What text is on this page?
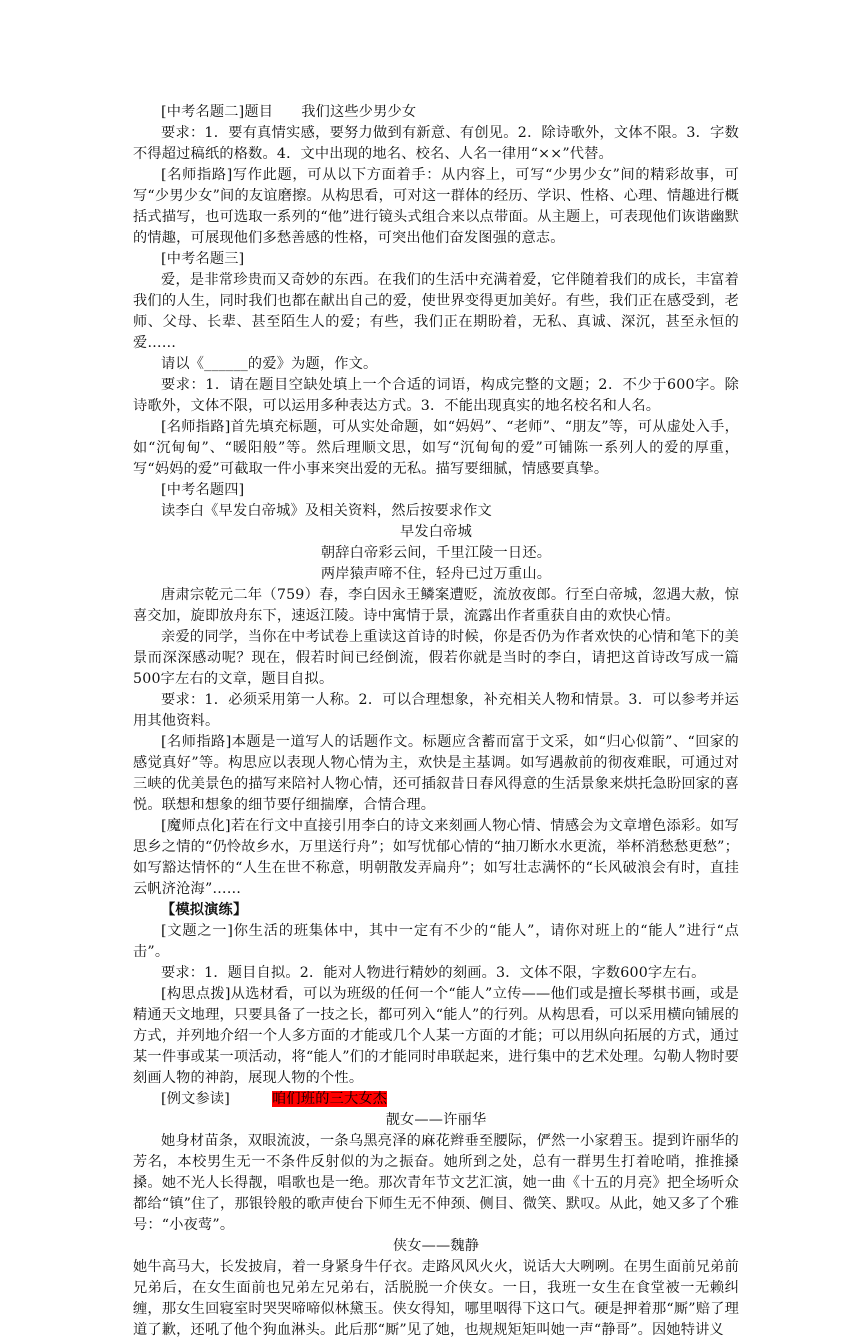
[中考名题二]题目 我们这些少男少女

要求：1．要有真情实感，要努力做到有新意、有创见。2．除诗歌外，文体不限。3．字数不得超过稿纸的格数。4．文中出现的地名、校名、人名一律用“××”代替。

[名师指路]写作此题，可从以下方面着手：从内容上，可写“少男少女”间的精彩故事，可写“少男少女”间的友谊磨擦。从构思看，可对这一群体的经历、学识、性格、心理、情趣进行概括式描写，也可选取一系列的“他”进行镜头式组合来以点带面。从主题上，可表现他们诙谐幽默的情趣，可展现他们多愁善感的性格，可突出他们奋发图强的意志。

[中考名题三]

爱，是非常珍贵而又奇妙的东西。在我们的生活中充满着爱，它伴随着我们的成长，丰富着我们的人生，同时我们也都在献出自己的爱，使世界变得更加美好。有些，我们正在感受到，老师、父母、长辈、甚至陌生人的爱；有些，我们正在期盼着，无私、真诚、深沉，甚至永恒的爱……

请以《______的爱》为题，作文。

要求：1．请在题目空缺处填上一个合适的词语，构成完整的文题；2．不少于600字。除诗歌外，文体不限，可以运用多种表达方式。3．不能出现真实的地名校名和人名。

[名师指路]首先填充标题，可从实处命题，如“妈妈”、“老师”、“朋友”等，可从虚处入手，如“沉甸甸”、“暖阳般”等。然后理顺文思，如写“沉甸甸的爱”可铺陈一系列人的爱的厚重，写“妈妈的爱”可截取一件小事来突出爱的无私。描写要细腻，情感要真挚。

[中考名题四]

读李白《早发白帝城》及相关资料，然后按要求作文

早发白帝城

朝辞白帝彩云间，千里江陵一日还。

两岸猿声啼不住，轻舟已过万重山。

唐肃宗乾元二年（759）春，李白因永王鳞案遭贬，流放夜郎。行至白帝城，忽遇大赦，惊喜交加，旋即放舟东下，速返江陵。诗中寓情于景，流露出作者重获自由的欢快心情。

亲爱的同学，当你在中考试卷上重读这首诗的时候，你是否仍为作者欢快的心情和笔下的美景而深深感动呢？现在，假若时间已经倒流，假若你就是当时的李白，请把这首诗改写成一篇500字左右的文章，题目自拟。

要求：1．必须采用第一人称。2．可以合理想象，补充相关人物和情景。3．可以参考并运用其他资料。

[名师指路]本题是一道写人的话题作文。标题应含蓄而富于文采，如“归心似箭”、“回家的感觉真好”等。构思应以表现人物心情为主，欢快是主基调。如写遇赦前的彻夜难眠，可通过对三峡的优美景色的描写来陪衬人物心情，还可插叙昔日春风得意的生活景象来烘托急盼回家的喜悦。联想和想象的细节要仔细揣摩，合情合理。

[魔师点化]若在行文中直接引用李白的诗文来刻画人物心情、情感会为文章增色添彩。如写思乡之情的“仍怜故乡水，万里送行舟”；如写忧郁心情的“抽刀断水水更流，举杯消愁愁更愁”；如写豁达情怀的“人生在世不称意，明朝散发弄扁舟”；如写壮志满怀的“长风破浪会有时，直挂云帆济沧海”……

【模拟演练】

[文题之一]你生活的班集体中，其中一定有不少的“能人”，请你对班上的“能人”进行“点击”。

要求：1．题目自拟。2．能对人物进行精妙的刻画。3．文体不限，字数600字左右。

[构思点拨]从选材看，可以为班级的任何一个“能人”立传——他们或是擅长琴棋书画，或是精通天文地理，只要具备了一技之长，都可列入“能人”的行列。从构思看，可以采用横向铺展的方式，并列地介绍一个人多方面的才能或几个人某一方面的才能；可以用纵向拓展的方式，通过某一件事或某一项活动，将“能人”们的才能同时串联起来，进行集中的艺术处理。勾勒人物时要刻画人物的神韵，展现人物的个性。

[例文参读]	咱们班的三大女杰

靓女——许丽华

她身材苗条，双眼流波，一条乌黑亮泽的麻花辫垂至腰际，俨然一小家碧玉。提到许丽华的芳名，本校男生无一不条件反射似的为之振奋。她所到之处，总有一群男生打着呛哨，推推搡搡。她不光人长得靓，唱歌也是一绝。那次青年节文艺汇演，她一曲《十五的月亮》把全场听众都给“镇”住了，那银铃般的歌声使台下师生无不伸颈、侧目、微笑、默叹。从此，她又多了个雅号：“小夜莺”。

侠女——魏静

她牛高马大，长发披肩，着一身紧身牛仔衣。走路风风火火，说话大大咧咧。在男生面前兄弟前兄弟后，在女生面前也兄弟左兄弟右，活脱脱一介侠女。一日，我班一女生在食堂被一无赖纠缠，那女生回寝室时哭哭啼啼似林黛玉。侠女得知，哪里咽得下这口气。硬是押着那“厮”赔了理道了歉，还吼了他个狗血淋头。此后那“厮”见了她，也规规矩矩叫她一声“静哥”。因她特讲义
